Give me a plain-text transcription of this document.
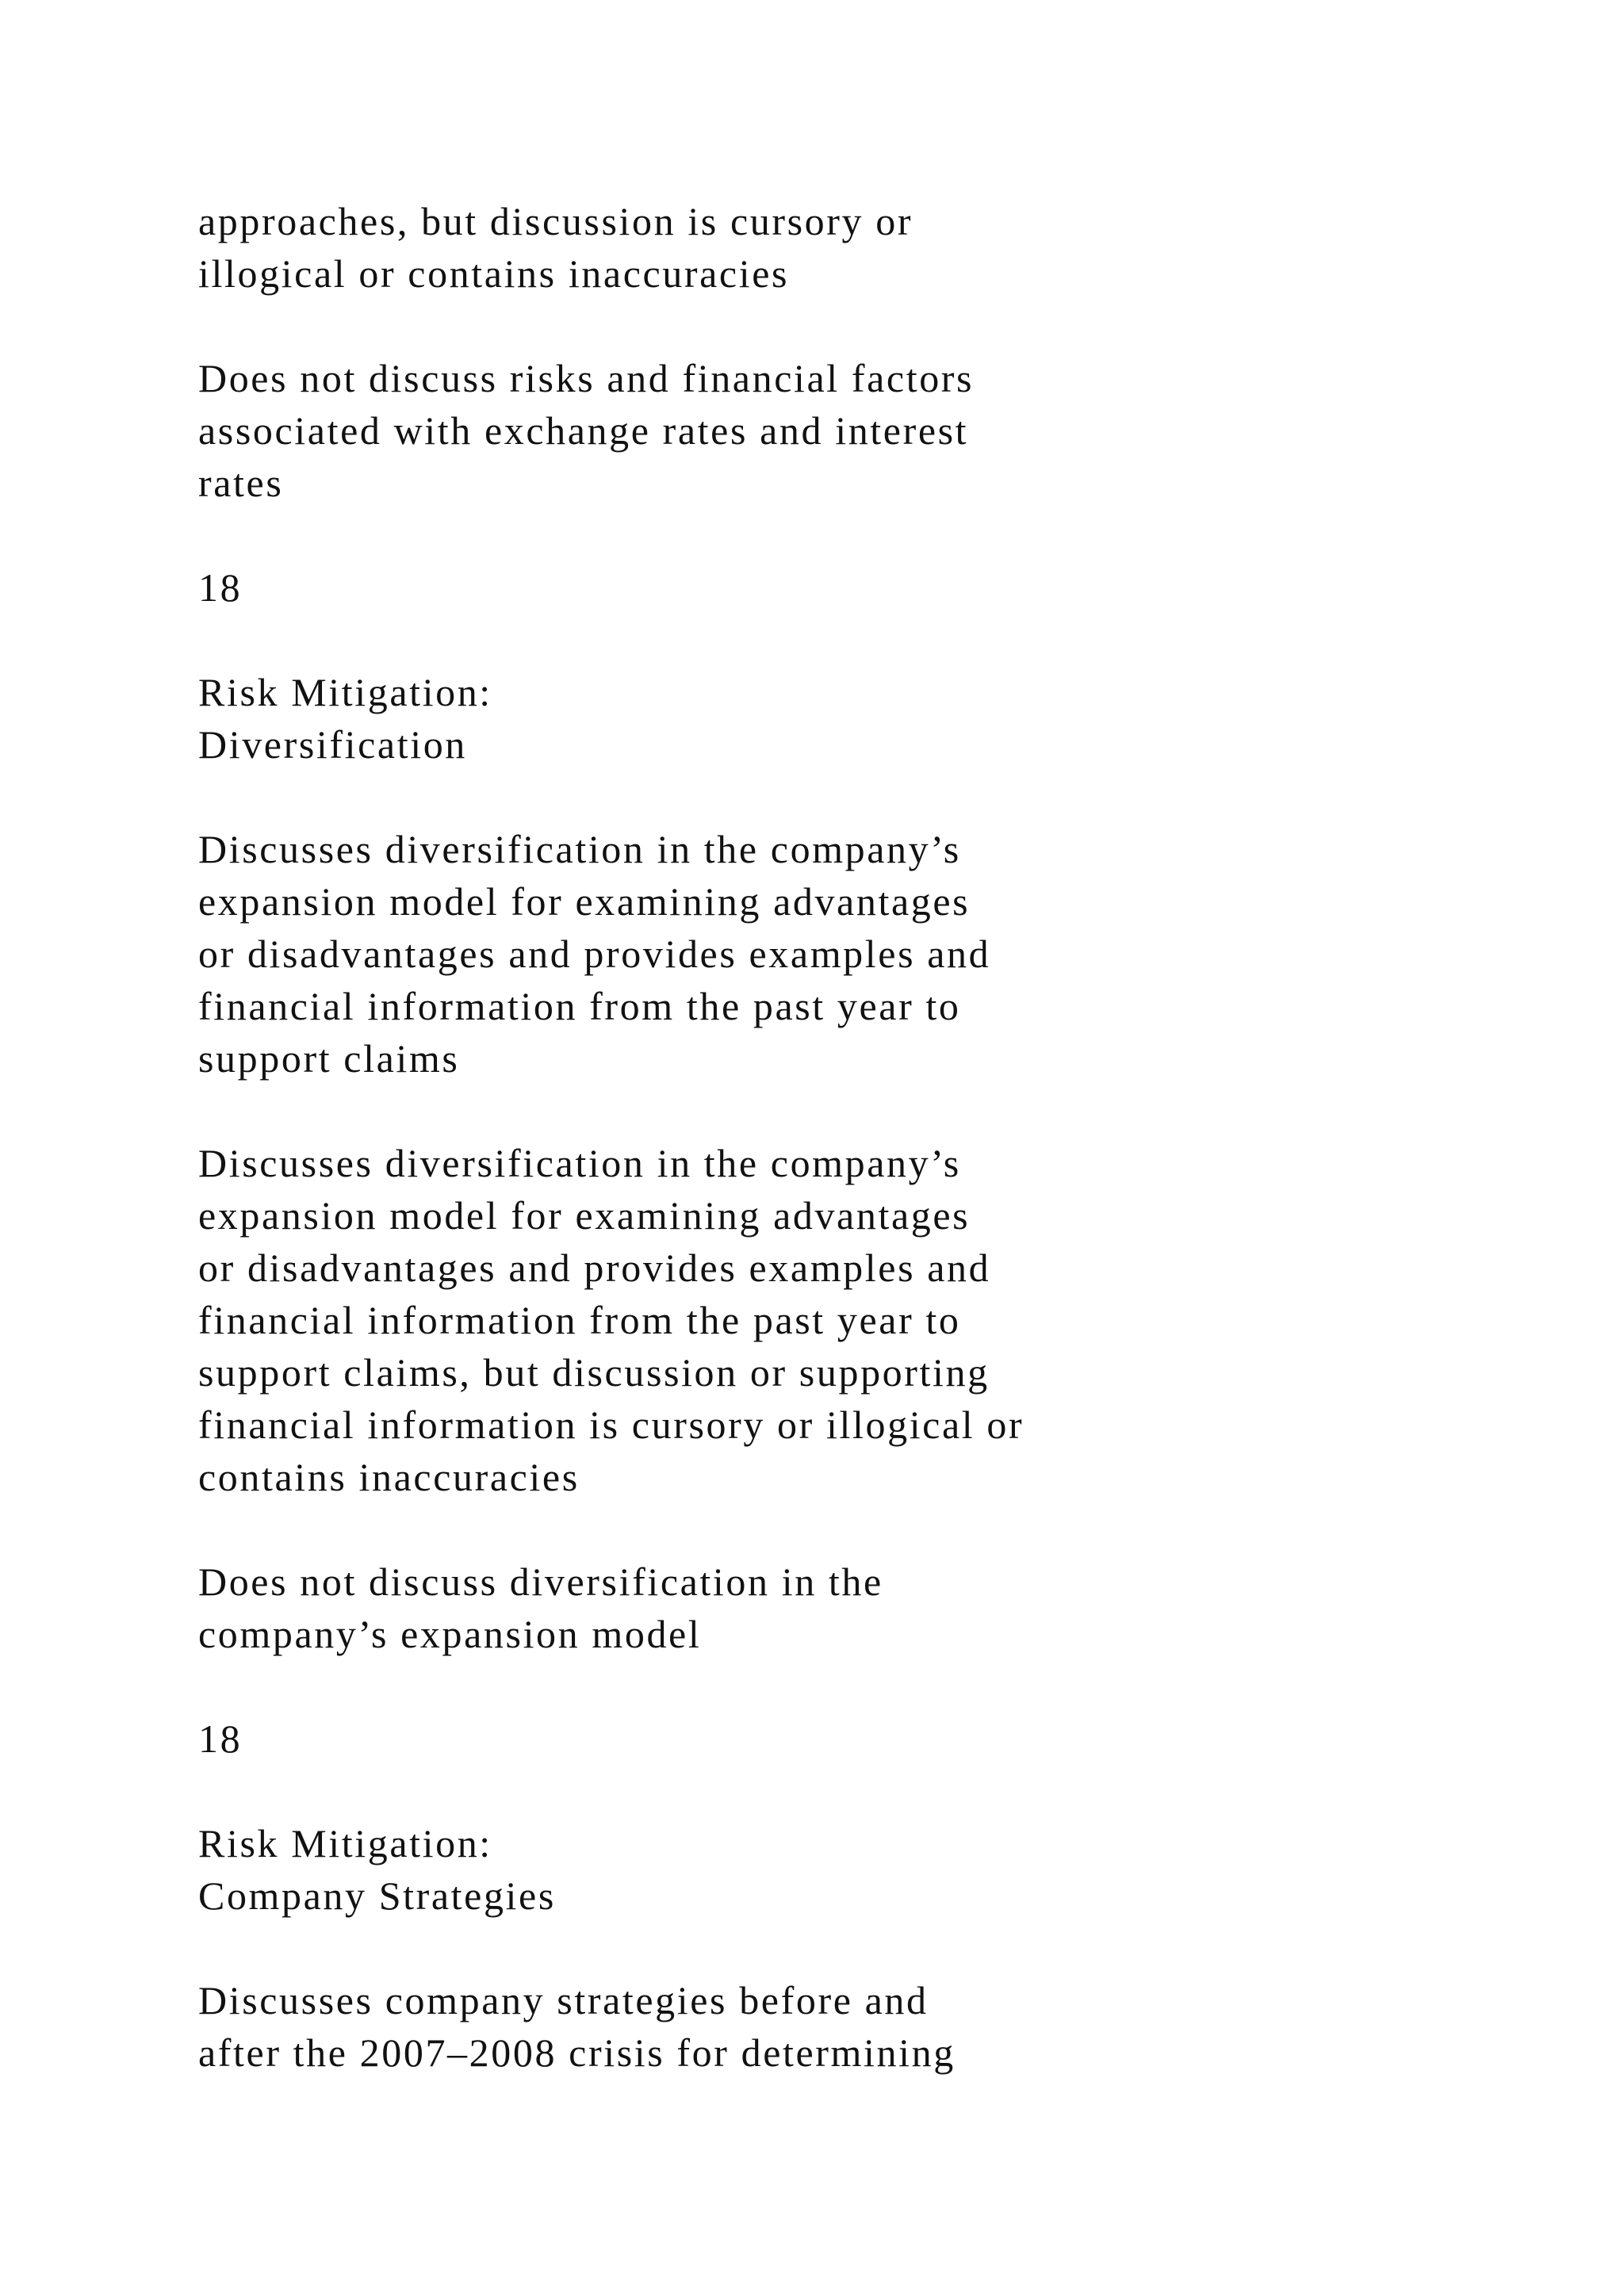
approaches, but discussion is cursory or
illogical or contains inaccuracies
Does not discuss risks and financial factors
associated with exchange rates and interest
rates
18
Risk Mitigation:
Diversification
Discusses diversification in the company’s
expansion model for examining advantages
or disadvantages and provides examples and
financial information from the past year to
support claims
Discusses diversification in the company’s
expansion model for examining advantages
or disadvantages and provides examples and
financial information from the past year to
support claims, but discussion or supporting
financial information is cursory or illogical or
contains inaccuracies
Does not discuss diversification in the
company’s expansion model
18
Risk Mitigation:
Company Strategies
Discusses company strategies before and
after the 2007–2008 crisis for determining
